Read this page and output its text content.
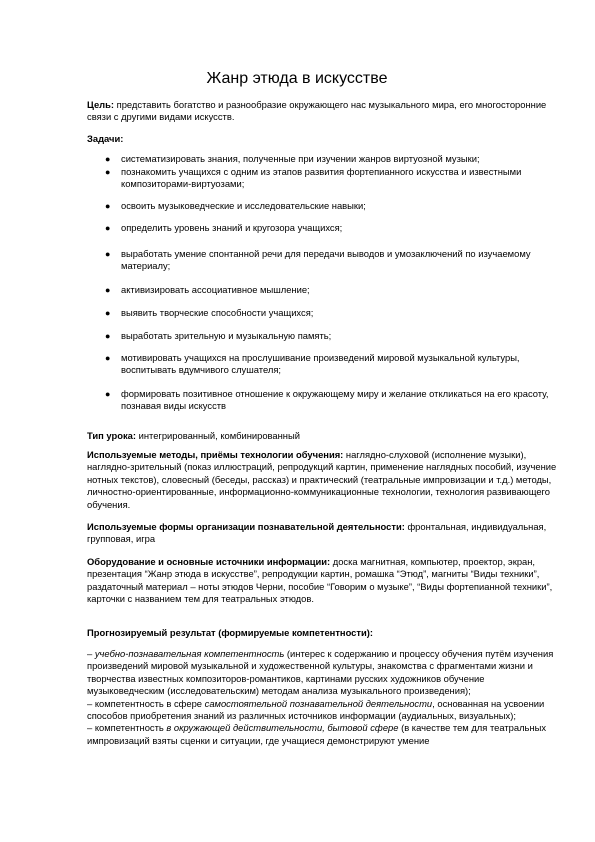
Жанр этюда в искусстве

Цель: представить богатство и разнообразие окружающего нас музыкального мира, его многосторонние связи с другими видами искусств.

Задачи:

● систематизировать знания, полученные при изучении жанров виртуозной музыки;
● познакомить учащихся с одним из этапов развития фортепианного искусства и известными композиторами-виртуозами;
● освоить музыковедческие и исследовательские навыки;
● определить уровень знаний и кругозора учащихся;
● выработать умение спонтанной речи для передачи выводов и умозаключений по изучаемому материалу;
● активизировать ассоциативное мышление;
● выявить творческие способности учащихся;
● выработать зрительную и музыкальную память;
● мотивировать учащихся на прослушивание произведений мировой музыкальной культуры, воспитывать вдумчивого слушателя;
● формировать позитивное отношение к окружающему миру и желание откликаться на его красоту, познавая виды искусств

Тип урока: интегрированный, комбинированный

Используемые методы, приёмы технологии обучения: наглядно-слуховой (исполнение музыки), наглядно-зрительный (показ иллюстраций, репродукций картин, применение наглядных пособий, изучение нотных текстов), словесный (беседы, рассказ) и практический (театральные импровизации и т.д.) методы, личностно-ориентированные, информационно-коммуникационные технологии, технология развивающего обучения.

Используемые формы организации познавательной деятельности: фронтальная, индивидуальная, групповая, игра

Оборудование и основные источники информации: доска магнитная, компьютер, проектор, экран, презентация “Жанр этюда в искусстве”, репродукции картин, ромашка “Этюд”, магниты “Виды техники”, раздаточный материал – ноты этюдов Черни, пособие “Говорим о музыке”, “Виды фортепианной техники”, карточки с названием тем для театральных этюдов.

Прогнозируемый результат (формируемые компетентности):

– учебно-познавательная компетентность (интерес к содержанию и процессу обучения путём изучения произведений мировой музыкальной и художественной культуры, знакомства с фрагментами жизни и творчества известных композиторов-романтиков, картинами русских художников обучение музыковедческим (исследовательским) методам анализа музыкального произведения);
– компетентность в сфере самостоятельной познавательной деятельности, основанная на усвоении способов приобретения знаний из различных источников информации (аудиальных, визуальных);
– компетентность в окружающей действительности, бытовой сфере (в качестве тем для театральных импровизаций взяты сценки и ситуации, где учащиеся демонстрируют умение
